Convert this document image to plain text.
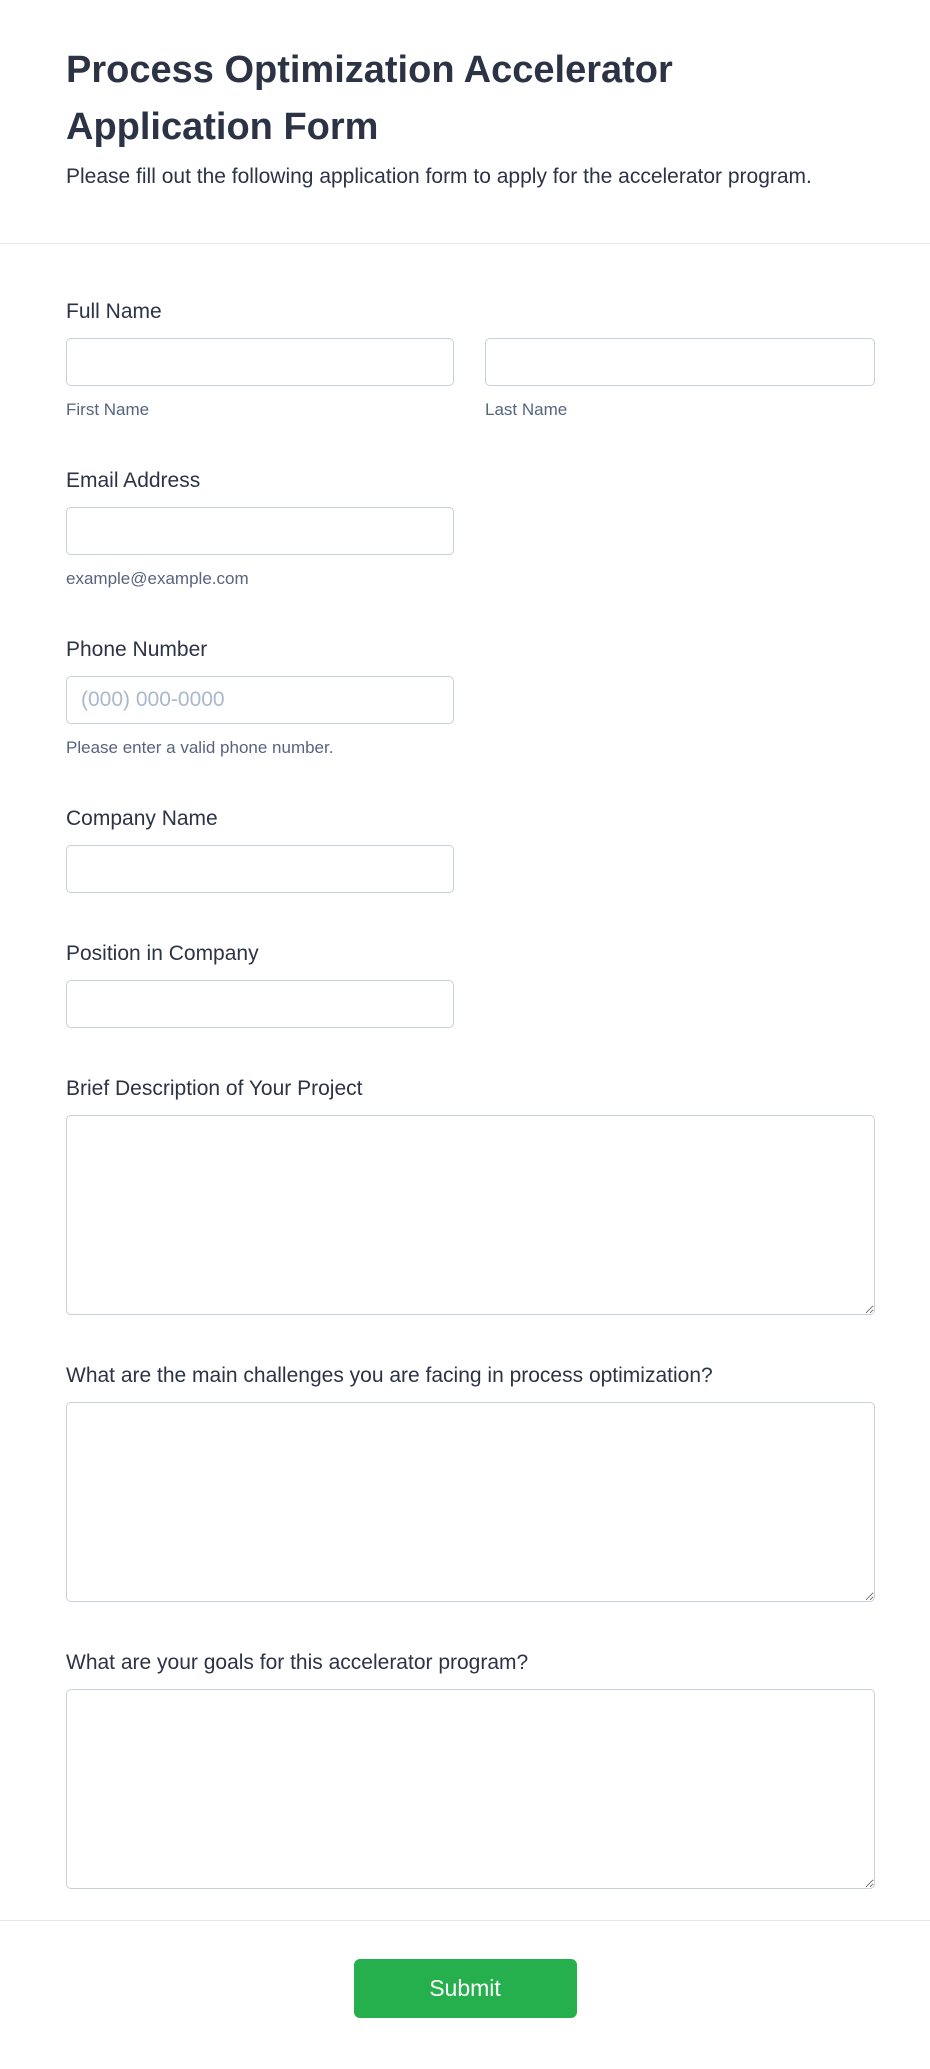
Process Optimization Accelerator Application Form
Please fill out the following application form to apply for the accelerator program.
Full Name
First Name	Last Name
Email Address
example@example.com
Phone Number
(000) 000-0000
Please enter a valid phone number.
Company Name
Position in Company
Brief Description of Your Project
What are the main challenges you are facing in process optimization?
What are your goals for this accelerator program?
Submit
